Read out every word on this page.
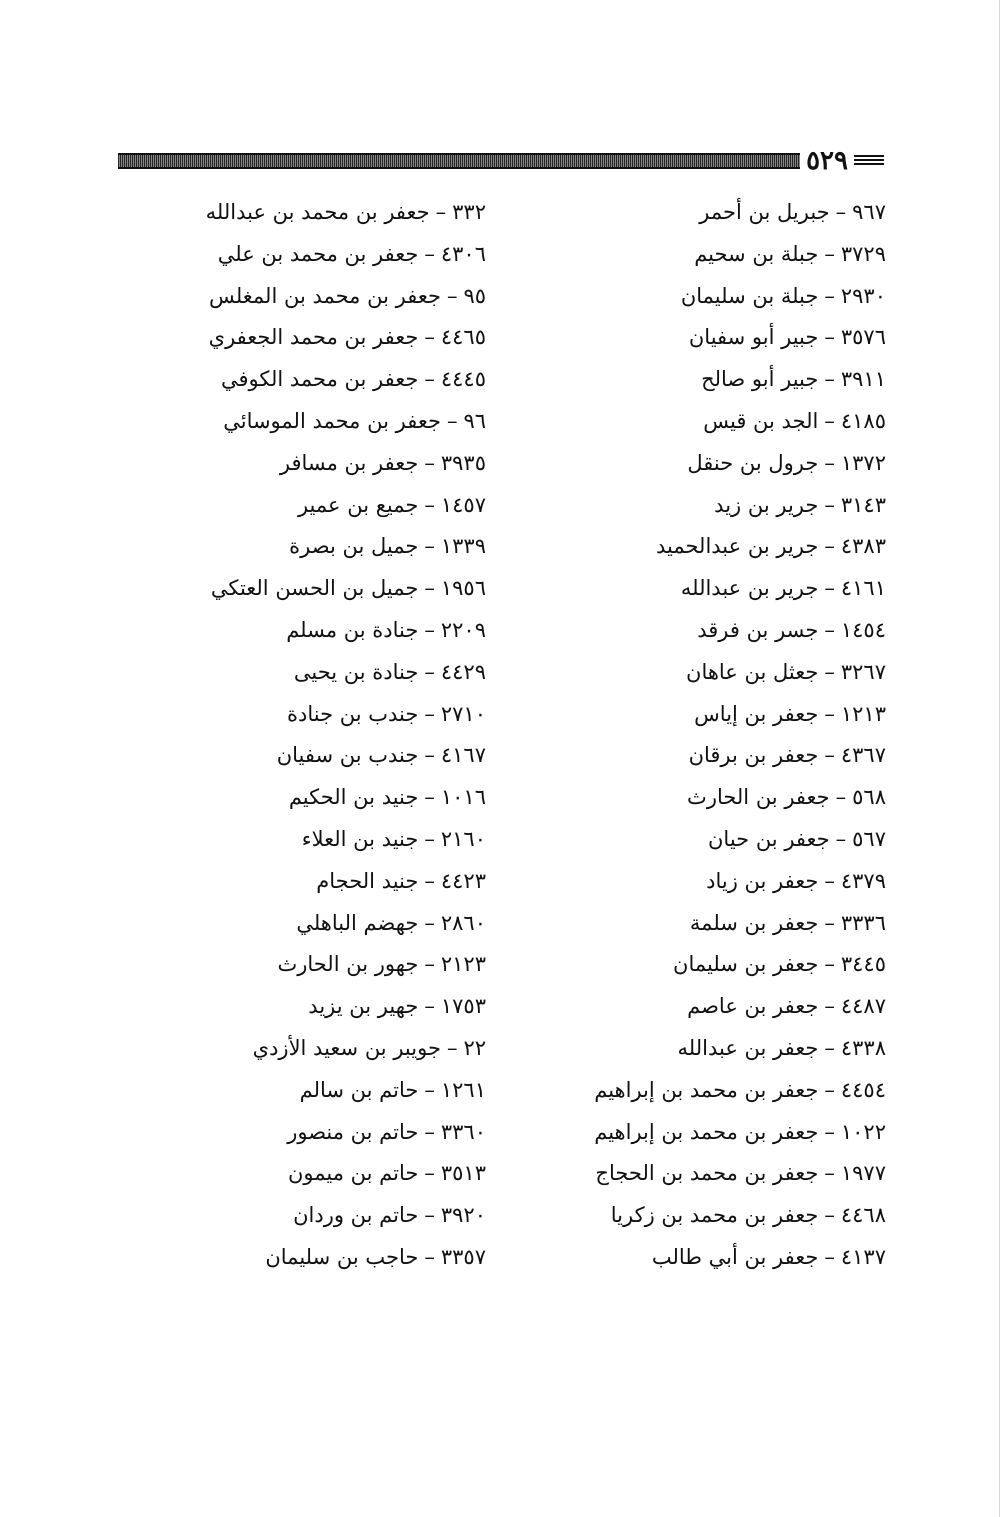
٥٢٩
٩٦٧
–
جبريل بن أحمر
٣٧٢٩
–
جبلة بن سحيم
٢٩٣٠
–
جبلة بن سليمان
٣٥٧٦
–
جبير أبو سفيان
٣٩١١
–
جبير أبو صالح
٤١٨٥
–
الجد بن قيس
١٣٧٢
–
جرول بن حنقل
٣١٤٣
–
جرير بن زيد
٤٣٨٣
–
جرير بن عبدالحميد
٤١٦١
–
جرير بن عبدالله
١٤٥٤
–
جسر بن فرقد
٣٢٦٧
–
جعثل بن عاهان
١٢١٣
–
جعفر بن إياس
٤٣٦٧
–
جعفر بن برقان
٥٦٨
–
جعفر بن الحارث
٥٦٧
–
جعفر بن حيان
٤٣٧٩
–
جعفر بن زياد
٣٣٣٦
–
جعفر بن سلمة
٣٤٤٥
–
جعفر بن سليمان
٤٤٨٧
–
جعفر بن عاصم
٤٣٣٨
–
جعفر بن عبدالله
٤٤٥٤
–
جعفر بن محمد بن إبراهيم
١٠٢٢
–
جعفر بن محمد بن إبراهيم
١٩٧٧
–
جعفر بن محمد بن الحجاج
٤٤٦٨
–
جعفر بن محمد بن زكريا
٤١٣٧
–
جعفر بن أبي طالب
٣٣٢
–
جعفر بن محمد بن عبدالله
٤٣٠٦
–
جعفر بن محمد بن علي
٩٥
–
جعفر بن محمد بن المغلس
٤٤٦٥
–
جعفر بن محمد الجعفري
٤٤٤٥
–
جعفر بن محمد الكوفي
٩٦
–
جعفر بن محمد الموسائي
٣٩٣٥
–
جعفر بن مسافر
١٤٥٧
–
جميع بن عمير
١٣٣٩
–
جميل بن بصرة
١٩٥٦
–
جميل بن الحسن العتكي
٢٢٠٩
–
جنادة بن مسلم
٤٤٢٩
–
جنادة بن يحيى
٢٧١٠
–
جندب بن جنادة
٤١٦٧
–
جندب بن سفيان
١٠١٦
–
جنيد بن الحكيم
٢١٦٠
–
جنيد بن العلاء
٤٤٢٣
–
جنيد الحجام
٢٨٦٠
–
جهضم الباهلي
٢١٢٣
–
جهور بن الحارث
١٧٥٣
–
جهير بن يزيد
٢٢
–
جويبر بن سعيد الأزدي
١٢٦١
–
حاتم بن سالم
٣٣٦٠
–
حاتم بن منصور
٣٥١٣
–
حاتم بن ميمون
٣٩٢٠
–
حاتم بن وردان
٣٣٥٧
–
حاجب بن سليمان
